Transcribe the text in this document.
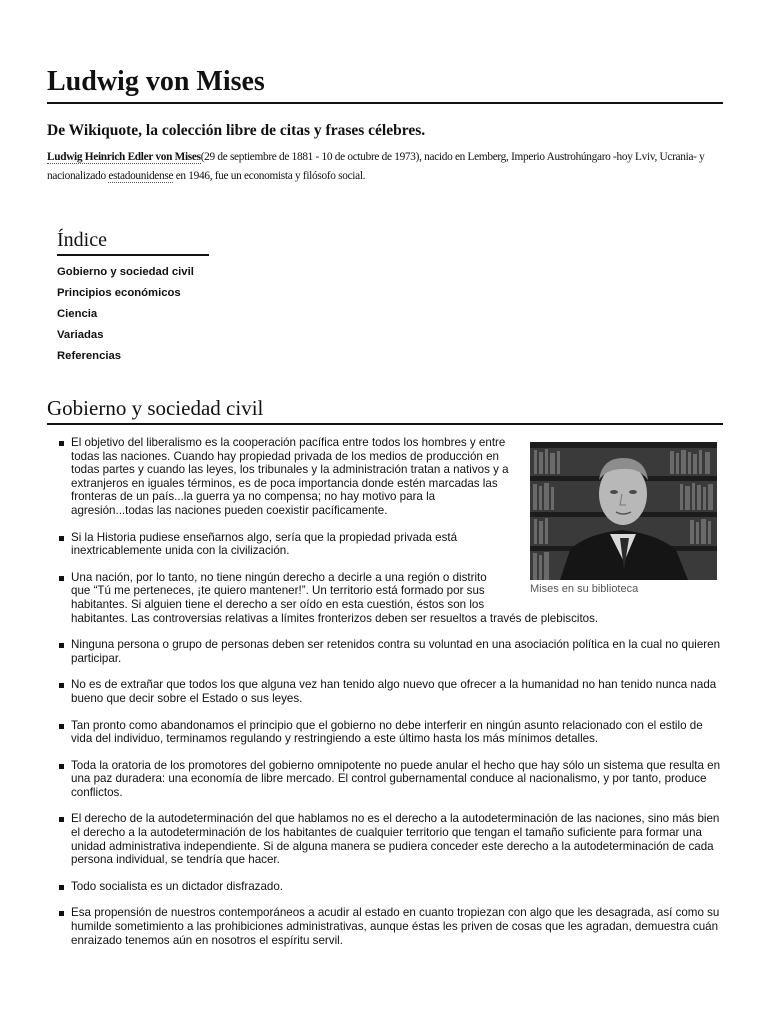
Ludwig von Mises
De Wikiquote, la colección libre de citas y frases célebres.
Ludwig Heinrich Edler von Mises(29 de septiembre de 1881 - 10 de octubre de 1973), nacido en Lemberg, Imperio Austrohúngaro -hoy Lviv, Ucrania- y nacionalizado estadounidense en 1946, fue un economista y filósofo social.
Índice
Gobierno y sociedad civil
Principios económicos
Ciencia
Variadas
Referencias
Gobierno y sociedad civil
Mises en su biblioteca
El objetivo del liberalismo es la cooperación pacífica entre todos los hombres y entre todas las naciones. Cuando hay propiedad privada de los medios de producción en todas partes y cuando las leyes, los tribunales y la administración tratan a nativos y a extranjeros en iguales términos, es de poca importancia donde estén marcadas las fronteras de un país...la guerra ya no compensa; no hay motivo para la agresión...todas las naciones pueden coexistir pacíficamente.
Si la Historia pudiese enseñarnos algo, sería que la propiedad privada está inextricablemente unida con la civilización.
Una nación, por lo tanto, no tiene ningún derecho a decirle a una región o distrito que “Tú me perteneces, ¡te quiero mantener!”. Un territorio está formado por sus habitantes. Si alguien tiene el derecho a ser oído en esta cuestión, éstos son los habitantes. Las controversias relativas a límites fronterizos deben ser resueltos a través de plebiscitos.
Ninguna persona o grupo de personas deben ser retenidos contra su voluntad en una asociación política en la cual no quieren participar.
No es de extrañar que todos los que alguna vez han tenido algo nuevo que ofrecer a la humanidad no han tenido nunca nada bueno que decir sobre el Estado o sus leyes.
Tan pronto como abandonamos el principio que el gobierno no debe interferir en ningún asunto relacionado con el estilo de vida del individuo, terminamos regulando y restringiendo a este último hasta los más mínimos detalles.
Toda la oratoria de los promotores del gobierno omnipotente no puede anular el hecho que hay sólo un sistema que resulta en una paz duradera: una economía de libre mercado. El control gubernamental conduce al nacionalismo, y por tanto, produce conflictos.
El derecho de la autodeterminación del que hablamos no es el derecho a la autodeterminación de las naciones, sino más bien el derecho a la autodeterminación de los habitantes de cualquier territorio que tengan el tamaño suficiente para formar una unidad administrativa independiente. Si de alguna manera se pudiera conceder este derecho a la autodeterminación de cada persona individual, se tendría que hacer.
Todo socialista es un dictador disfrazado.
Esa propensión de nuestros contemporáneos a acudir al estado en cuanto tropiezan con algo que les desagrada, así como su humilde sometimiento a las prohibiciones administrativas, aunque éstas les priven de cosas que les agradan, demuestra cuán enraizado tenemos aún en nosotros el espíritu servil.
